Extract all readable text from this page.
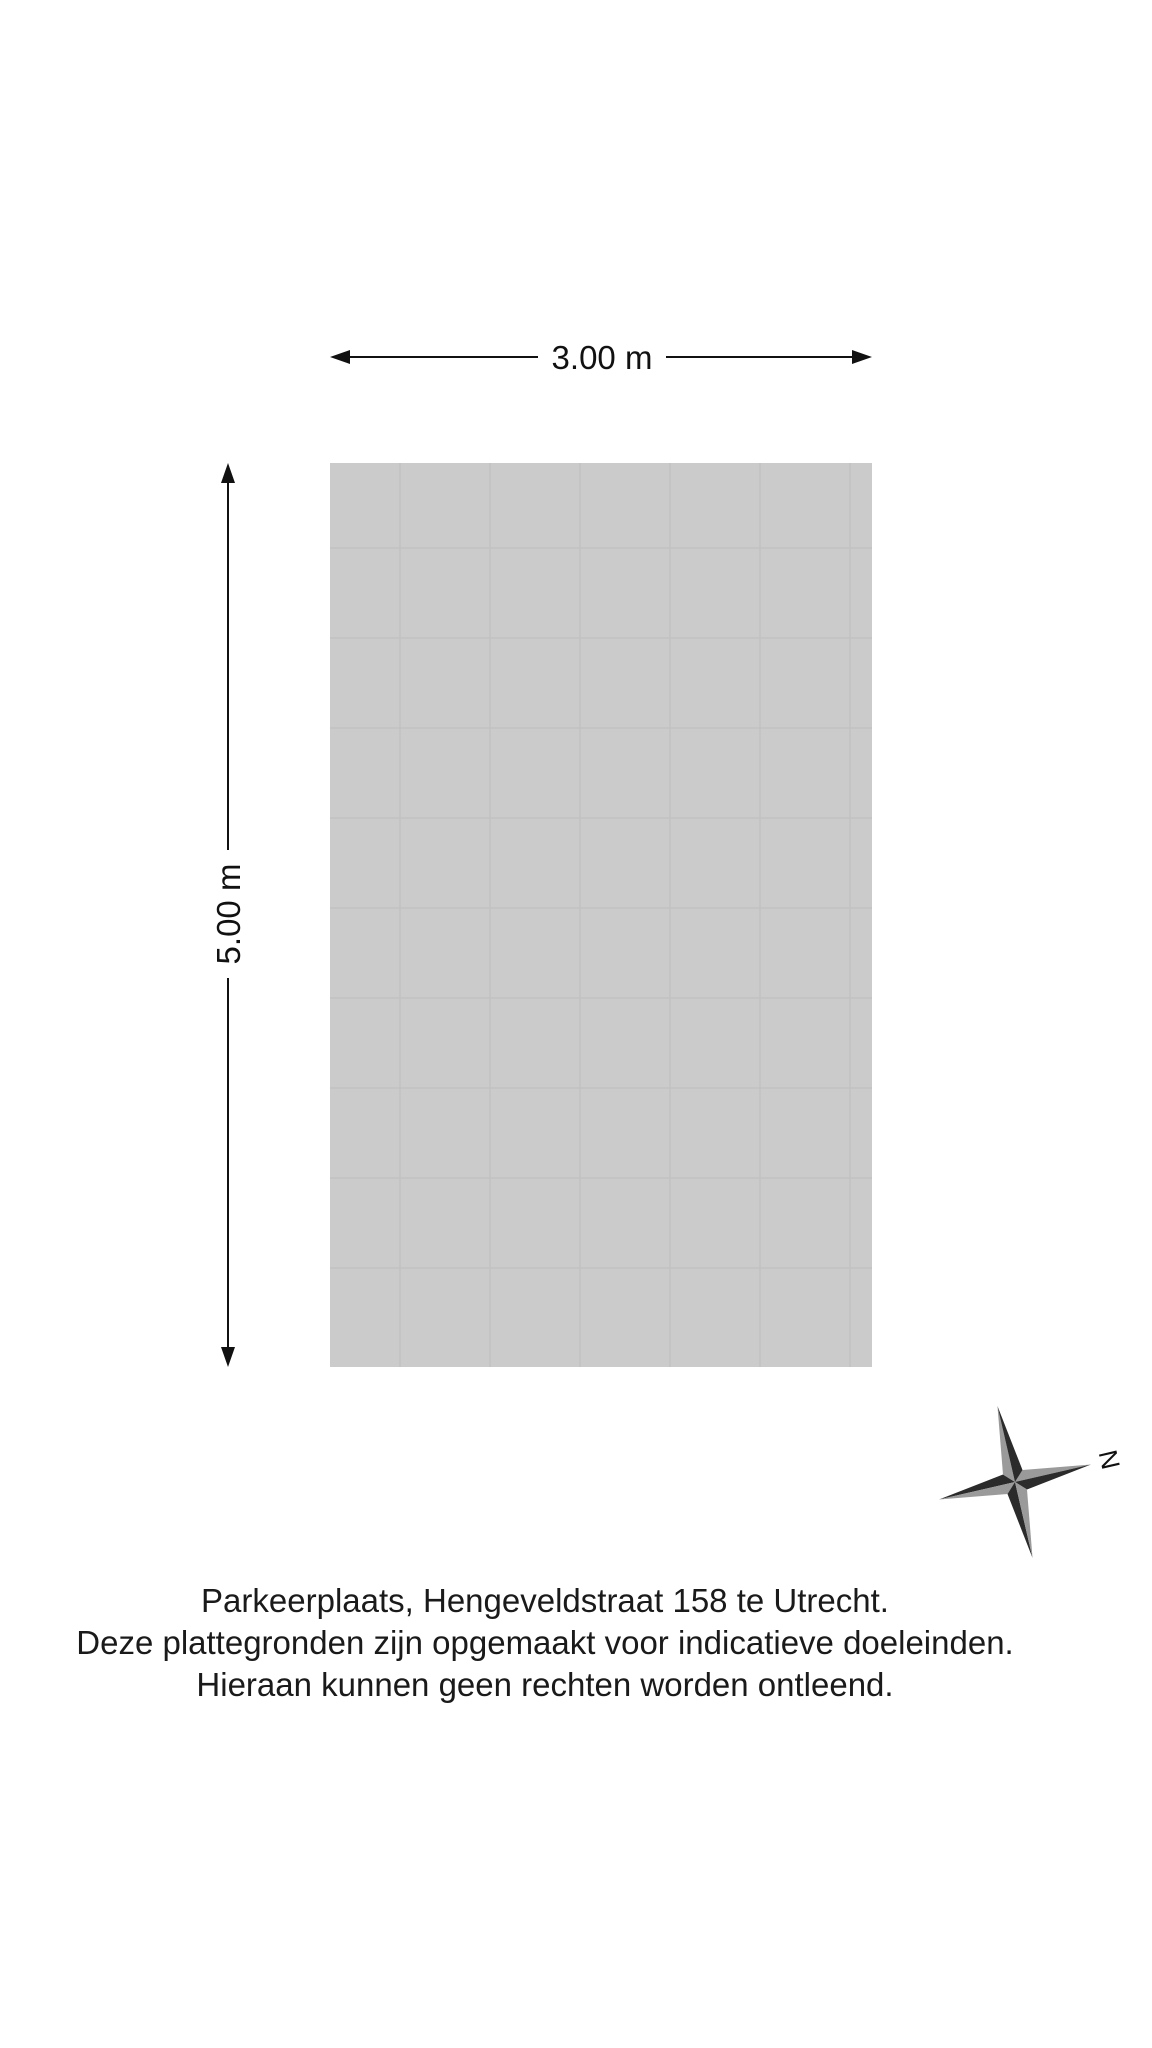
3.00 m
5.00 m
N
Parkeerplaats, Hengeveldstraat 158 te Utrecht.
Deze plattegronden zijn opgemaakt voor indicatieve doeleinden.
Hieraan kunnen geen rechten worden ontleend.
